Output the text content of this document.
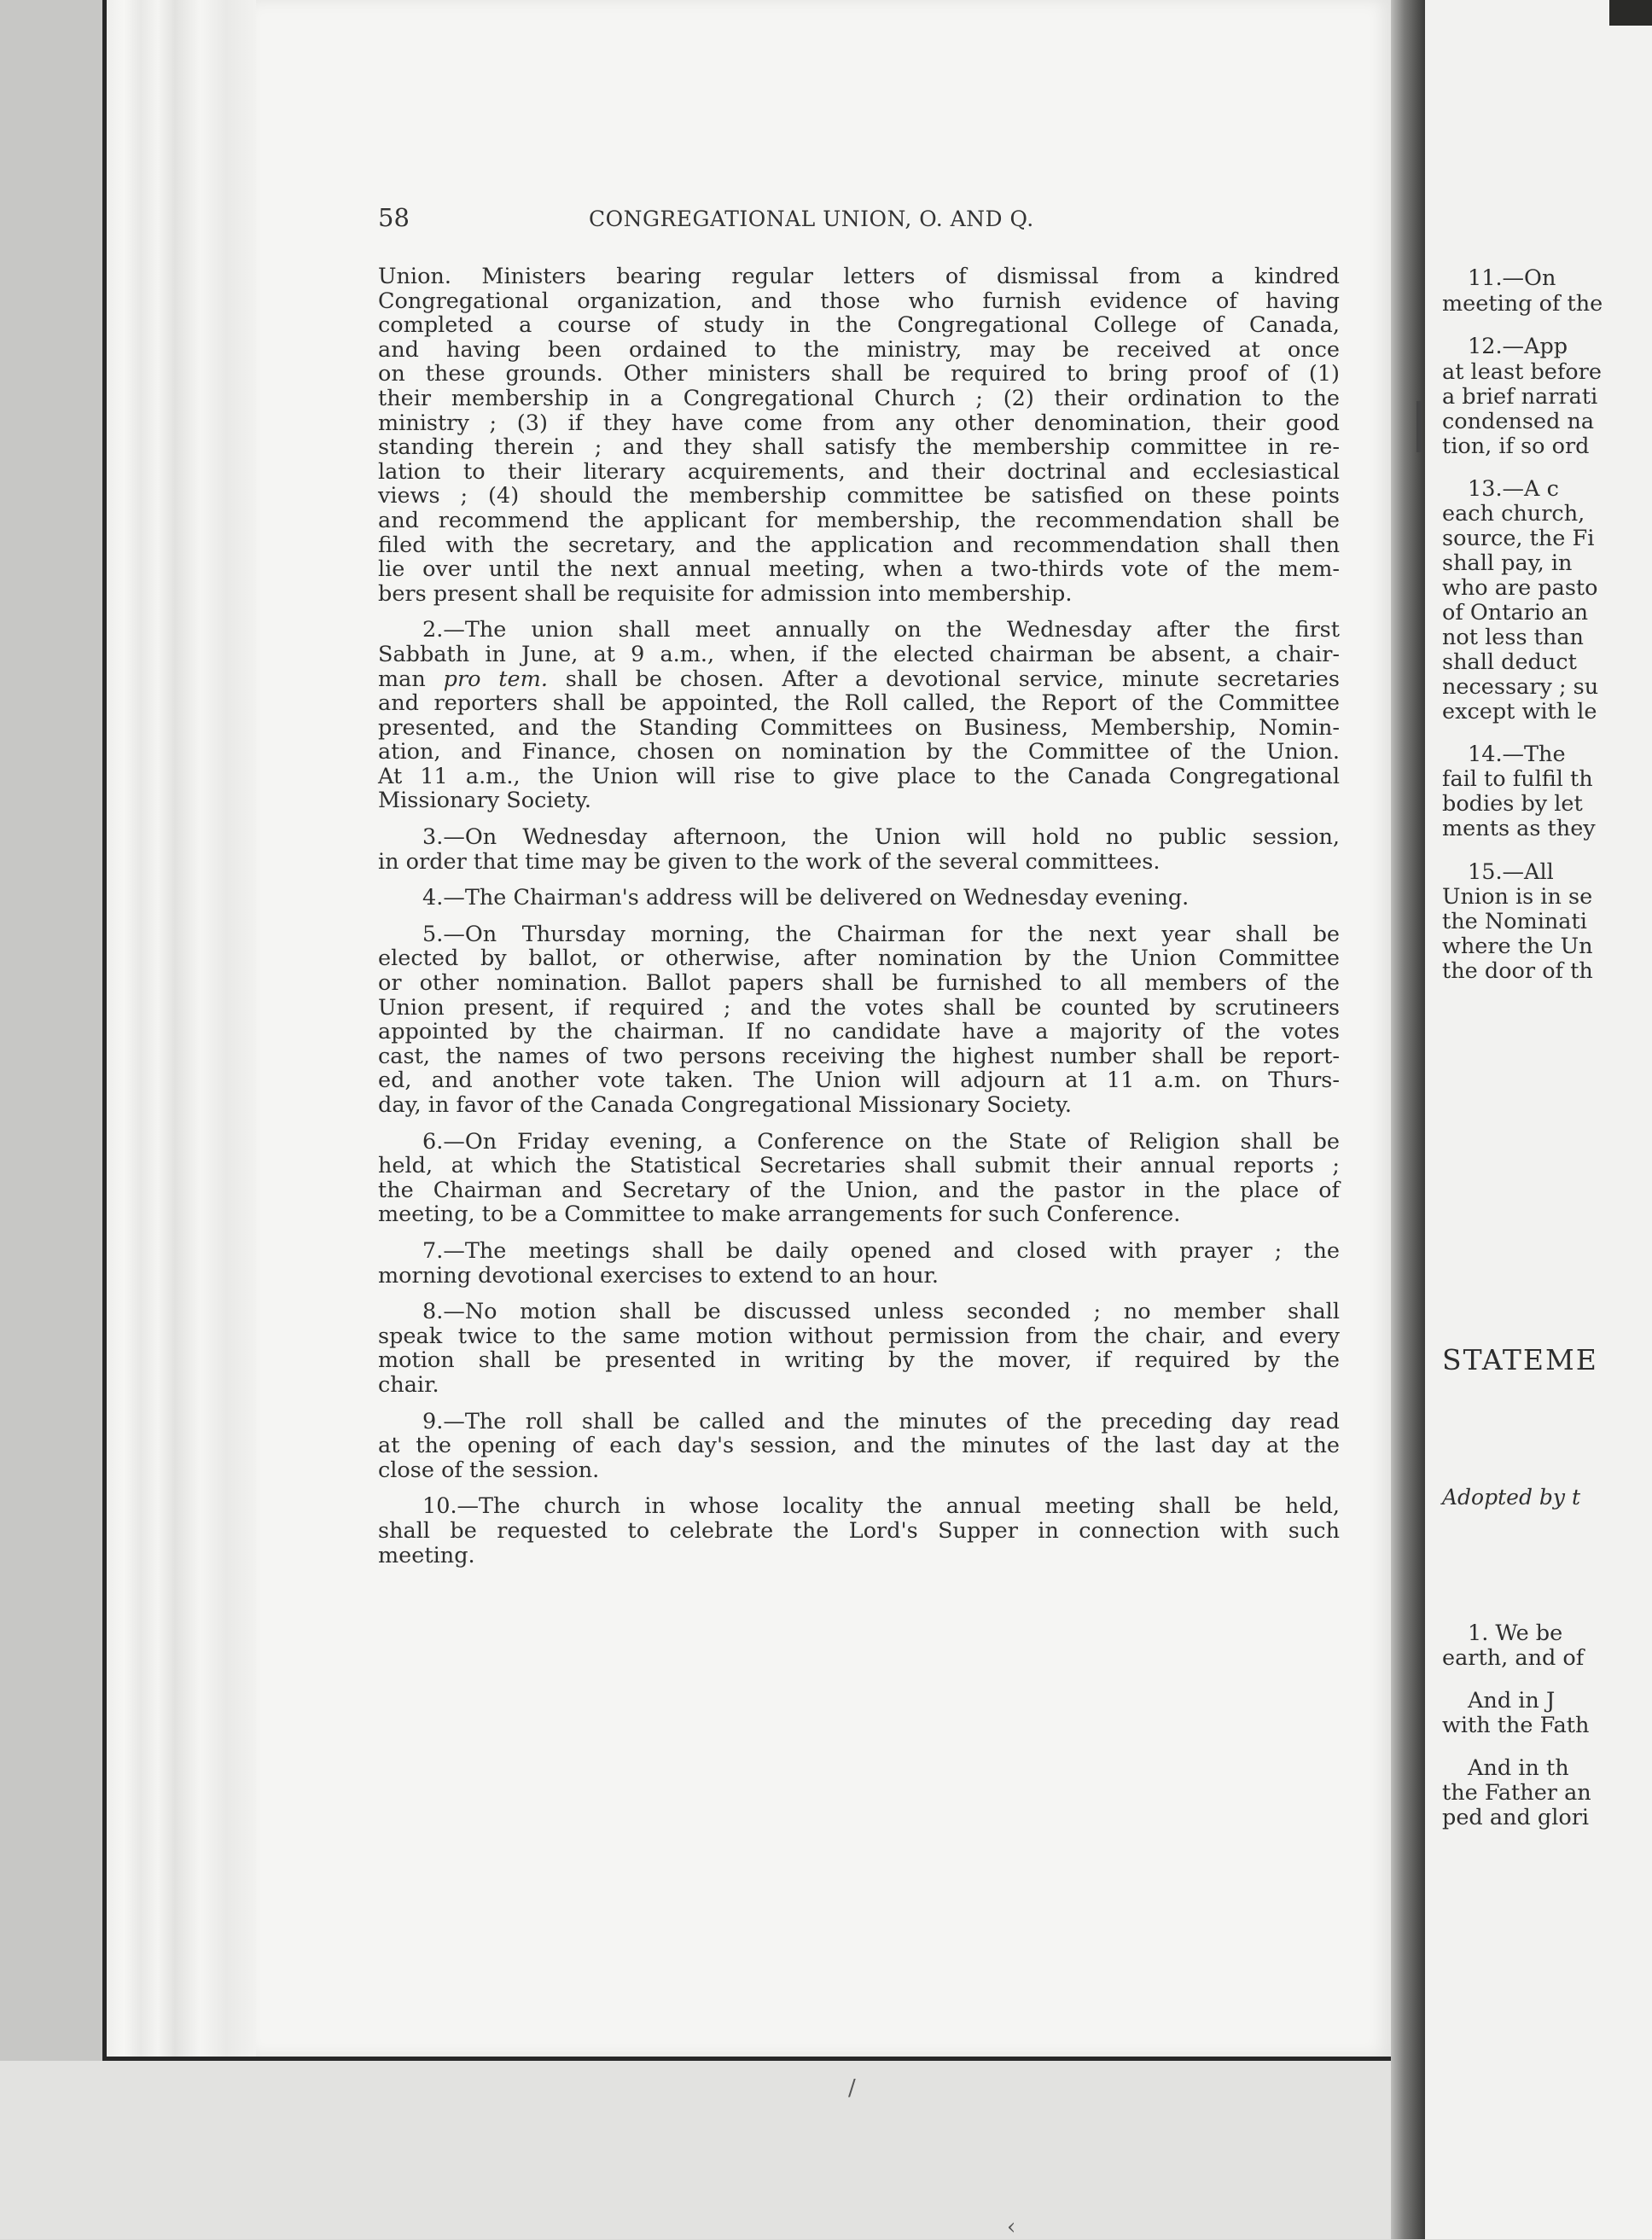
58	CONGREGATIONAL UNION, O. AND Q.
Union. Ministers bearing regular letters of dismissal from a kindred
Congregational organization, and those who furnish evidence of having
completed a course of study in the Congregational College of Canada,
and having been ordained to the ministry, may be received at once
on these grounds. Other ministers shall be required to bring proof of (1)
their membership in a Congregational Church ; (2) their ordination to the
ministry ; (3) if they have come from any other denomination, their good
standing therein ; and they shall satisfy the membership committee in re-
lation to their literary acquirements, and their doctrinal and ecclesiastical
views ; (4) should the membership committee be satisfied on these points
and recommend the applicant for membership, the recommendation shall be
filed with the secretary, and the application and recommendation shall then
lie over until the next annual meeting, when a two-thirds vote of the mem-
bers present shall be requisite for admission into membership.
2.—The union shall meet annually on the Wednesday after the first
Sabbath in June, at 9 a.m., when, if the elected chairman be absent, a chair-
man pro tem. shall be chosen. After a devotional service, minute secretaries
and reporters shall be appointed, the Roll called, the Report of the Committee
presented, and the Standing Committees on Business, Membership, Nomin-
ation, and Finance, chosen on nomination by the Committee of the Union.
At 11 a.m., the Union will rise to give place to the Canada Congregational
Missionary Society.
3.—On Wednesday afternoon, the Union will hold no public session,
in order that time may be given to the work of the several committees.
4.—The Chairman's address will be delivered on Wednesday evening.
5.—On Thursday morning, the Chairman for the next year shall be
elected by ballot, or otherwise, after nomination by the Union Committee
or other nomination. Ballot papers shall be furnished to all members of the
Union present, if required ; and the votes shall be counted by scrutineers
appointed by the chairman. If no candidate have a majority of the votes
cast, the names of two persons receiving the highest number shall be report-
ed, and another vote taken. The Union will adjourn at 11 a.m. on Thurs-
day, in favor of the Canada Congregational Missionary Society.
6.—On Friday evening, a Conference on the State of Religion shall be
held, at which the Statistical Secretaries shall submit their annual reports ;
the Chairman and Secretary of the Union, and the pastor in the place of
meeting, to be a Committee to make arrangements for such Conference.
7.—The meetings shall be daily opened and closed with prayer ; the
morning devotional exercises to extend to an hour.
8.—No motion shall be discussed unless seconded ; no member shall
speak twice to the same motion without permission from the chair, and every
motion shall be presented in writing by the mover, if required by the
chair.
9.—The roll shall be called and the minutes of the preceding day read
at the opening of each day's session, and the minutes of the last day at the
close of the session.
10.—The church in whose locality the annual meeting shall be held,
shall be requested to celebrate the Lord's Supper in connection with such
meeting.
11.—On
meeting of the
12.—App
at least before
a brief narrati
condensed na
tion, if so ord
13.—A c
each church,
source, the Fi
shall pay, in
who are pasto
of Ontario an
not less than
shall deduct
necessary ; su
except with le
14.—The
fail to fulfil th
bodies by let
ments as they
15.—All
Union is in se
the Nominati
where the Un
the door of th
1. We be
earth, and of
And in J
with the Fath
And in th
the Father an
ped and glori
STATEME
Adopted by t
/
‹
